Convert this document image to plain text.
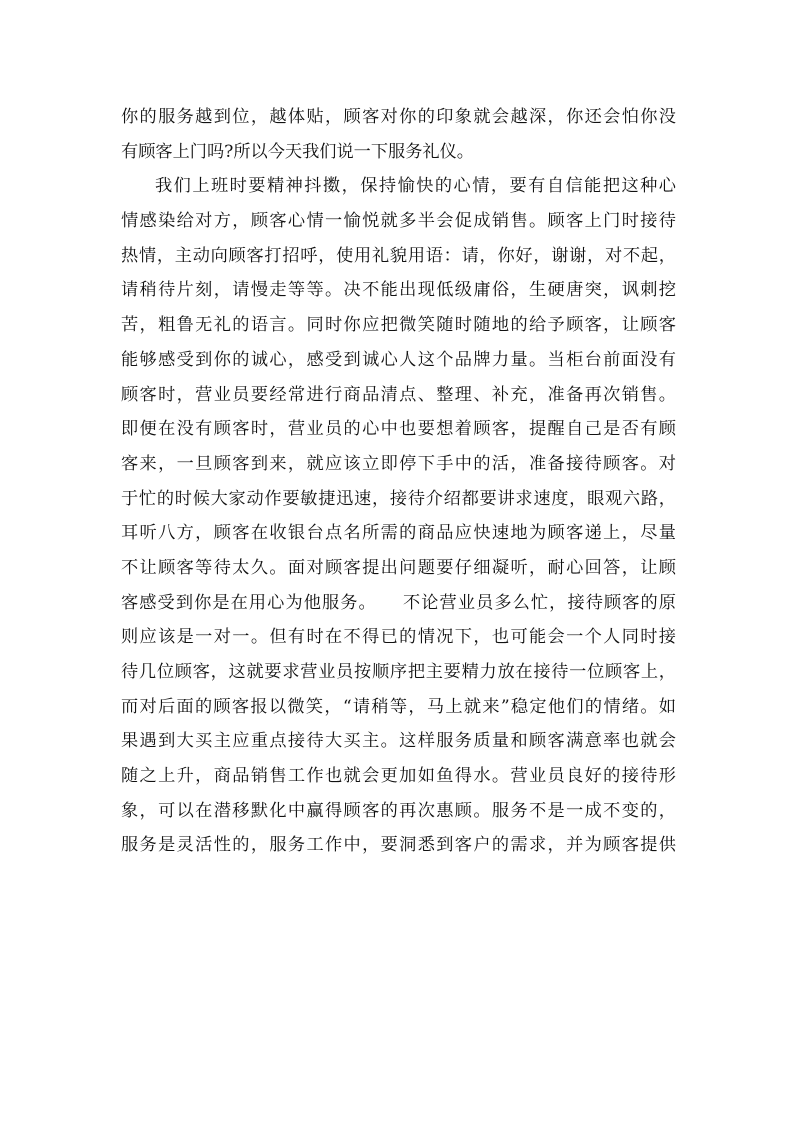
你的服务越到位，越体贴，顾客对你的印象就会越深，你还会怕你没
有顾客上门吗?所以今天我们说一下服务礼仪。
我们上班时要精神抖擞，保持愉快的心情，要有自信能把这种心
情感染给对方，顾客心情一愉悦就多半会促成销售。顾客上门时接待
热情，主动向顾客打招呼，使用礼貌用语：请，你好，谢谢，对不起，
请稍待片刻，请慢走等等。决不能出现低级庸俗，生硬唐突，讽刺挖
苦，粗鲁无礼的语言。同时你应把微笑随时随地的给予顾客，让顾客
能够感受到你的诚心，感受到诚心人这个品牌力量。当柜台前面没有
顾客时，营业员要经常进行商品清点、整理、补充，准备再次销售。
即便在没有顾客时，营业员的心中也要想着顾客，提醒自己是否有顾
客来，一旦顾客到来，就应该立即停下手中的活，准备接待顾客。对
于忙的时候大家动作要敏捷迅速，接待介绍都要讲求速度，眼观六路，
耳听八方，顾客在收银台点名所需的商品应快速地为顾客递上，尽量
不让顾客等待太久。面对顾客提出问题要仔细凝听，耐心回答，让顾
客感受到你是在用心为他服务。    不论营业员多么忙，接待顾客的原
则应该是一对一。但有时在不得已的情况下，也可能会一个人同时接
待几位顾客，这就要求营业员按顺序把主要精力放在接待一位顾客上，
而对后面的顾客报以微笑，“请稍等，马上就来”稳定他们的情绪。如
果遇到大买主应重点接待大买主。这样服务质量和顾客满意率也就会
随之上升，商品销售工作也就会更加如鱼得水。营业员良好的接待形
象，可以在潜移默化中赢得顾客的再次惠顾。服务不是一成不变的，
服务是灵活性的，服务工作中，要洞悉到客户的需求，并为顾客提供
